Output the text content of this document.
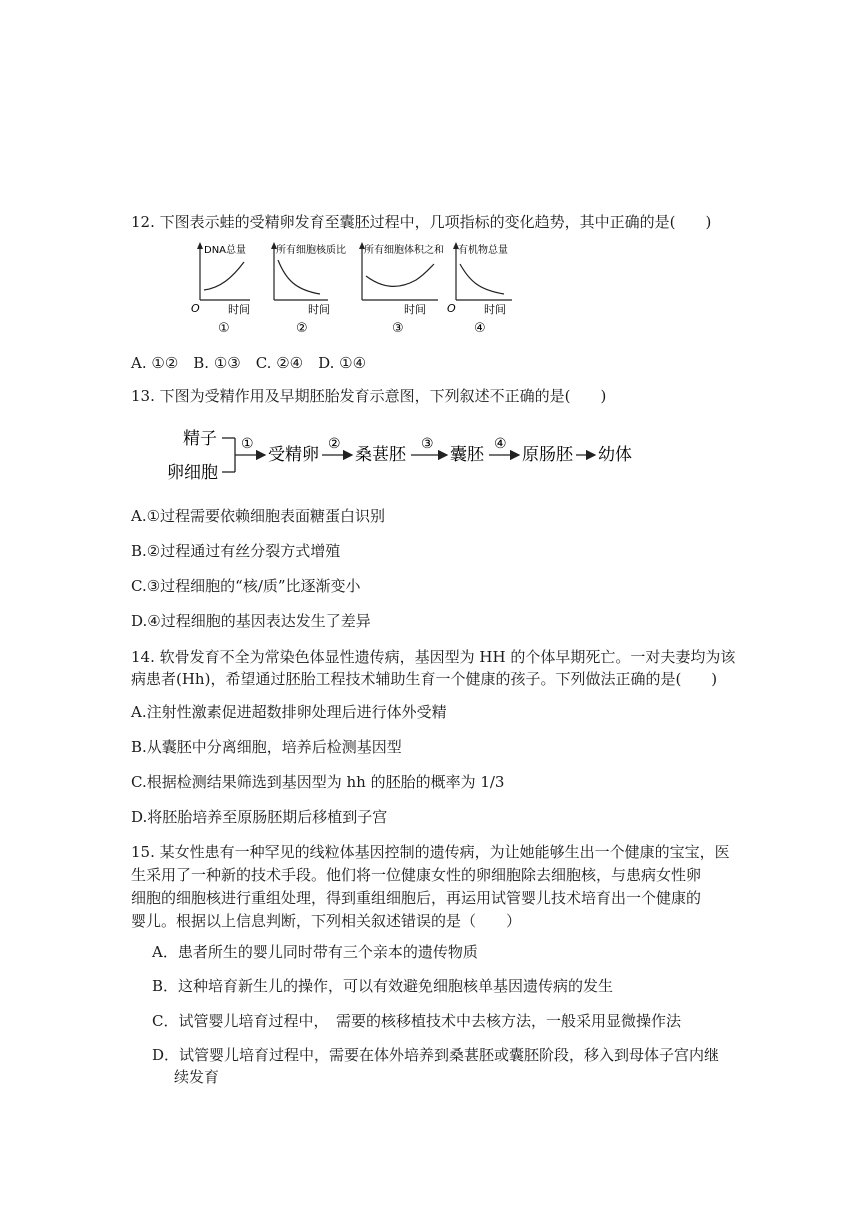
12. 下图表示蛙的受精卵发育至囊胚过程中，几项指标的变化趋势，其中正确的是(　　)
DNA总量
O	时间
①
所有细胞核质比
时间
②
所有细胞体积之和
时间
③
有机物总量
O	时间
④
A. ①②　B. ①③　C. ②④　D. ①④
13. 下图为受精作用及早期胚胎发育示意图，下列叙述不正确的是(　　)
精子
卵细胞
①
受精卵
②
桑葚胚
③
囊胚
④
原肠胚 幼体
A.①过程需要依赖细胞表面糖蛋白识别
B.②过程通过有丝分裂方式增殖
C.③过程细胞的“核/质”比逐渐变小
D.④过程细胞的基因表达发生了差异
14. 软骨发育不全为常染色体显性遗传病，基因型为 HH 的个体早期死亡。一对夫妻均为该
病患者(Hh)，希望通过胚胎工程技术辅助生育一个健康的孩子。下列做法正确的是(　　)
A.注射性激素促进超数排卵处理后进行体外受精
B.从囊胚中分离细胞，培养后检测基因型
C.根据检测结果筛选到基因型为 hh 的胚胎的概率为 1/3
D.将胚胎培养至原肠胚期后移植到子宫
15. 某女性患有一种罕见的线粒体基因控制的遗传病，为让她能够生出一个健康的宝宝，医
生采用了一种新的技术手段。他们将一位健康女性的卵细胞除去细胞核，与患病女性卵
细胞的细胞核进行重组处理，得到重组细胞后，再运用试管婴儿技术培育出一个健康的
婴儿。根据以上信息判断，下列相关叙述错误的是（　　）
A．患者所生的婴儿同时带有三个亲本的遗传物质
B．这种培育新生儿的操作，可以有效避免细胞核单基因遗传病的发生
C．试管婴儿培育过程中，　需要的核移植技术中去核方法，一般采用显微操作法
D．试管婴儿培育过程中，需要在体外培养到桑葚胚或囊胚阶段，移入到母体子宫内继
续发育
